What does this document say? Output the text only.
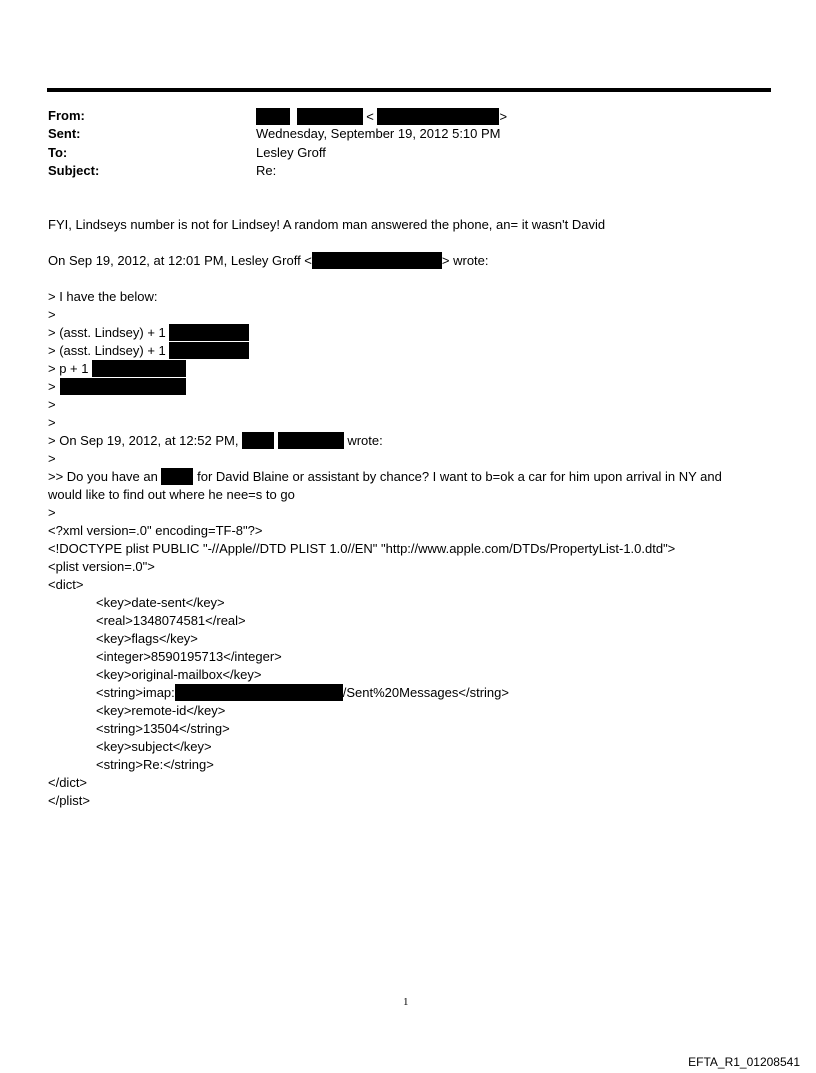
From:	<	>
Sent:	Wednesday, September 19, 2012 5:10 PM
To:	Lesley Groff
Subject:	Re:
FYI, Lindseys number is not for Lindsey! A random man answered the phone, an= it wasn't David
On Sep 19, 2012, at 12:01 PM, Lesley Groff <	> wrote:
> I have the below:
>
> (asst. Lindsey) + 1
> (asst. Lindsey) + 1
> p + 1
>
>
>
> On Sep 19, 2012, at 12:52 PM,	wrote:
>
>> Do you have an	for David Blaine or assistant by chance? I want to b=ok a car for him upon arrival in NY and
would like to find out where he nee=s to go
>
<?xml version=.0" encoding=TF-8"?>
<!DOCTYPE plist PUBLIC "-//Apple//DTD PLIST 1.0//EN" "http://www.apple.com/DTDs/PropertyList-1.0.dtd">
<plist version=.0">
<dict>
<key>date-sent</key>
<real>1348074581</real>
<key>flags</key>
<integer>8590195713</integer>
<key>original-mailbox</key>
<string>imap:	/Sent%20Messages</string>
<key>remote-id</key>
<string>13504</string>
<key>subject</key>
<string>Re:</string>
</dict>
</plist>
1
EFTA_R1_01208541
